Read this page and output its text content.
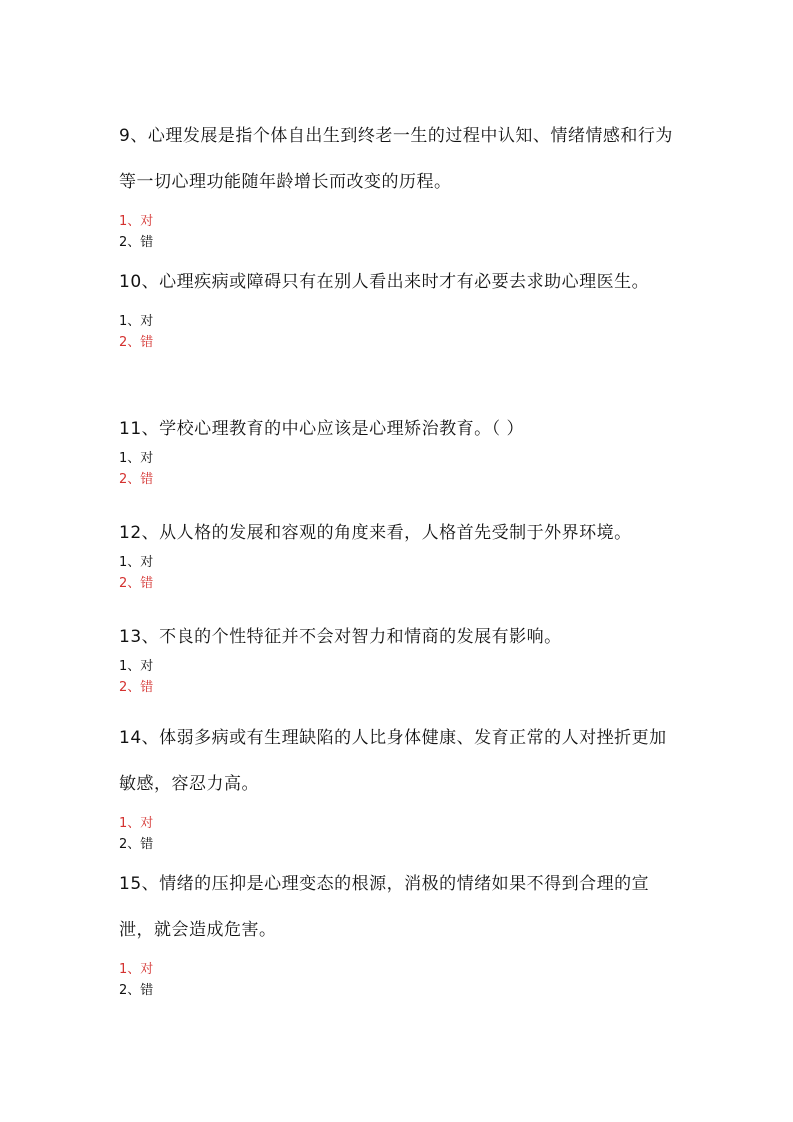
9、心理发展是指个体自出生到终老一生的过程中认知、情绪情感和行为等一切心理功能随年龄增长而改变的历程。

1、对
2、错

10、心理疾病或障碍只有在别人看出来时才有必要去求助心理医生。

1、对
2、错

11、学校心理教育的中心应该是心理矫治教育。（ ）

1、对
2、错

12、从人格的发展和容观的角度来看，人格首先受制于外界环境。

1、对
2、错

13、不良的个性特征并不会对智力和情商的发展有影响。

1、对
2、错

14、体弱多病或有生理缺陷的人比身体健康、发育正常的人对挫折更加敏感，容忍力高。

1、对
2、错

15、情绪的压抑是心理变态的根源，消极的情绪如果不得到合理的宣泄，就会造成危害。

1、对
2、错
